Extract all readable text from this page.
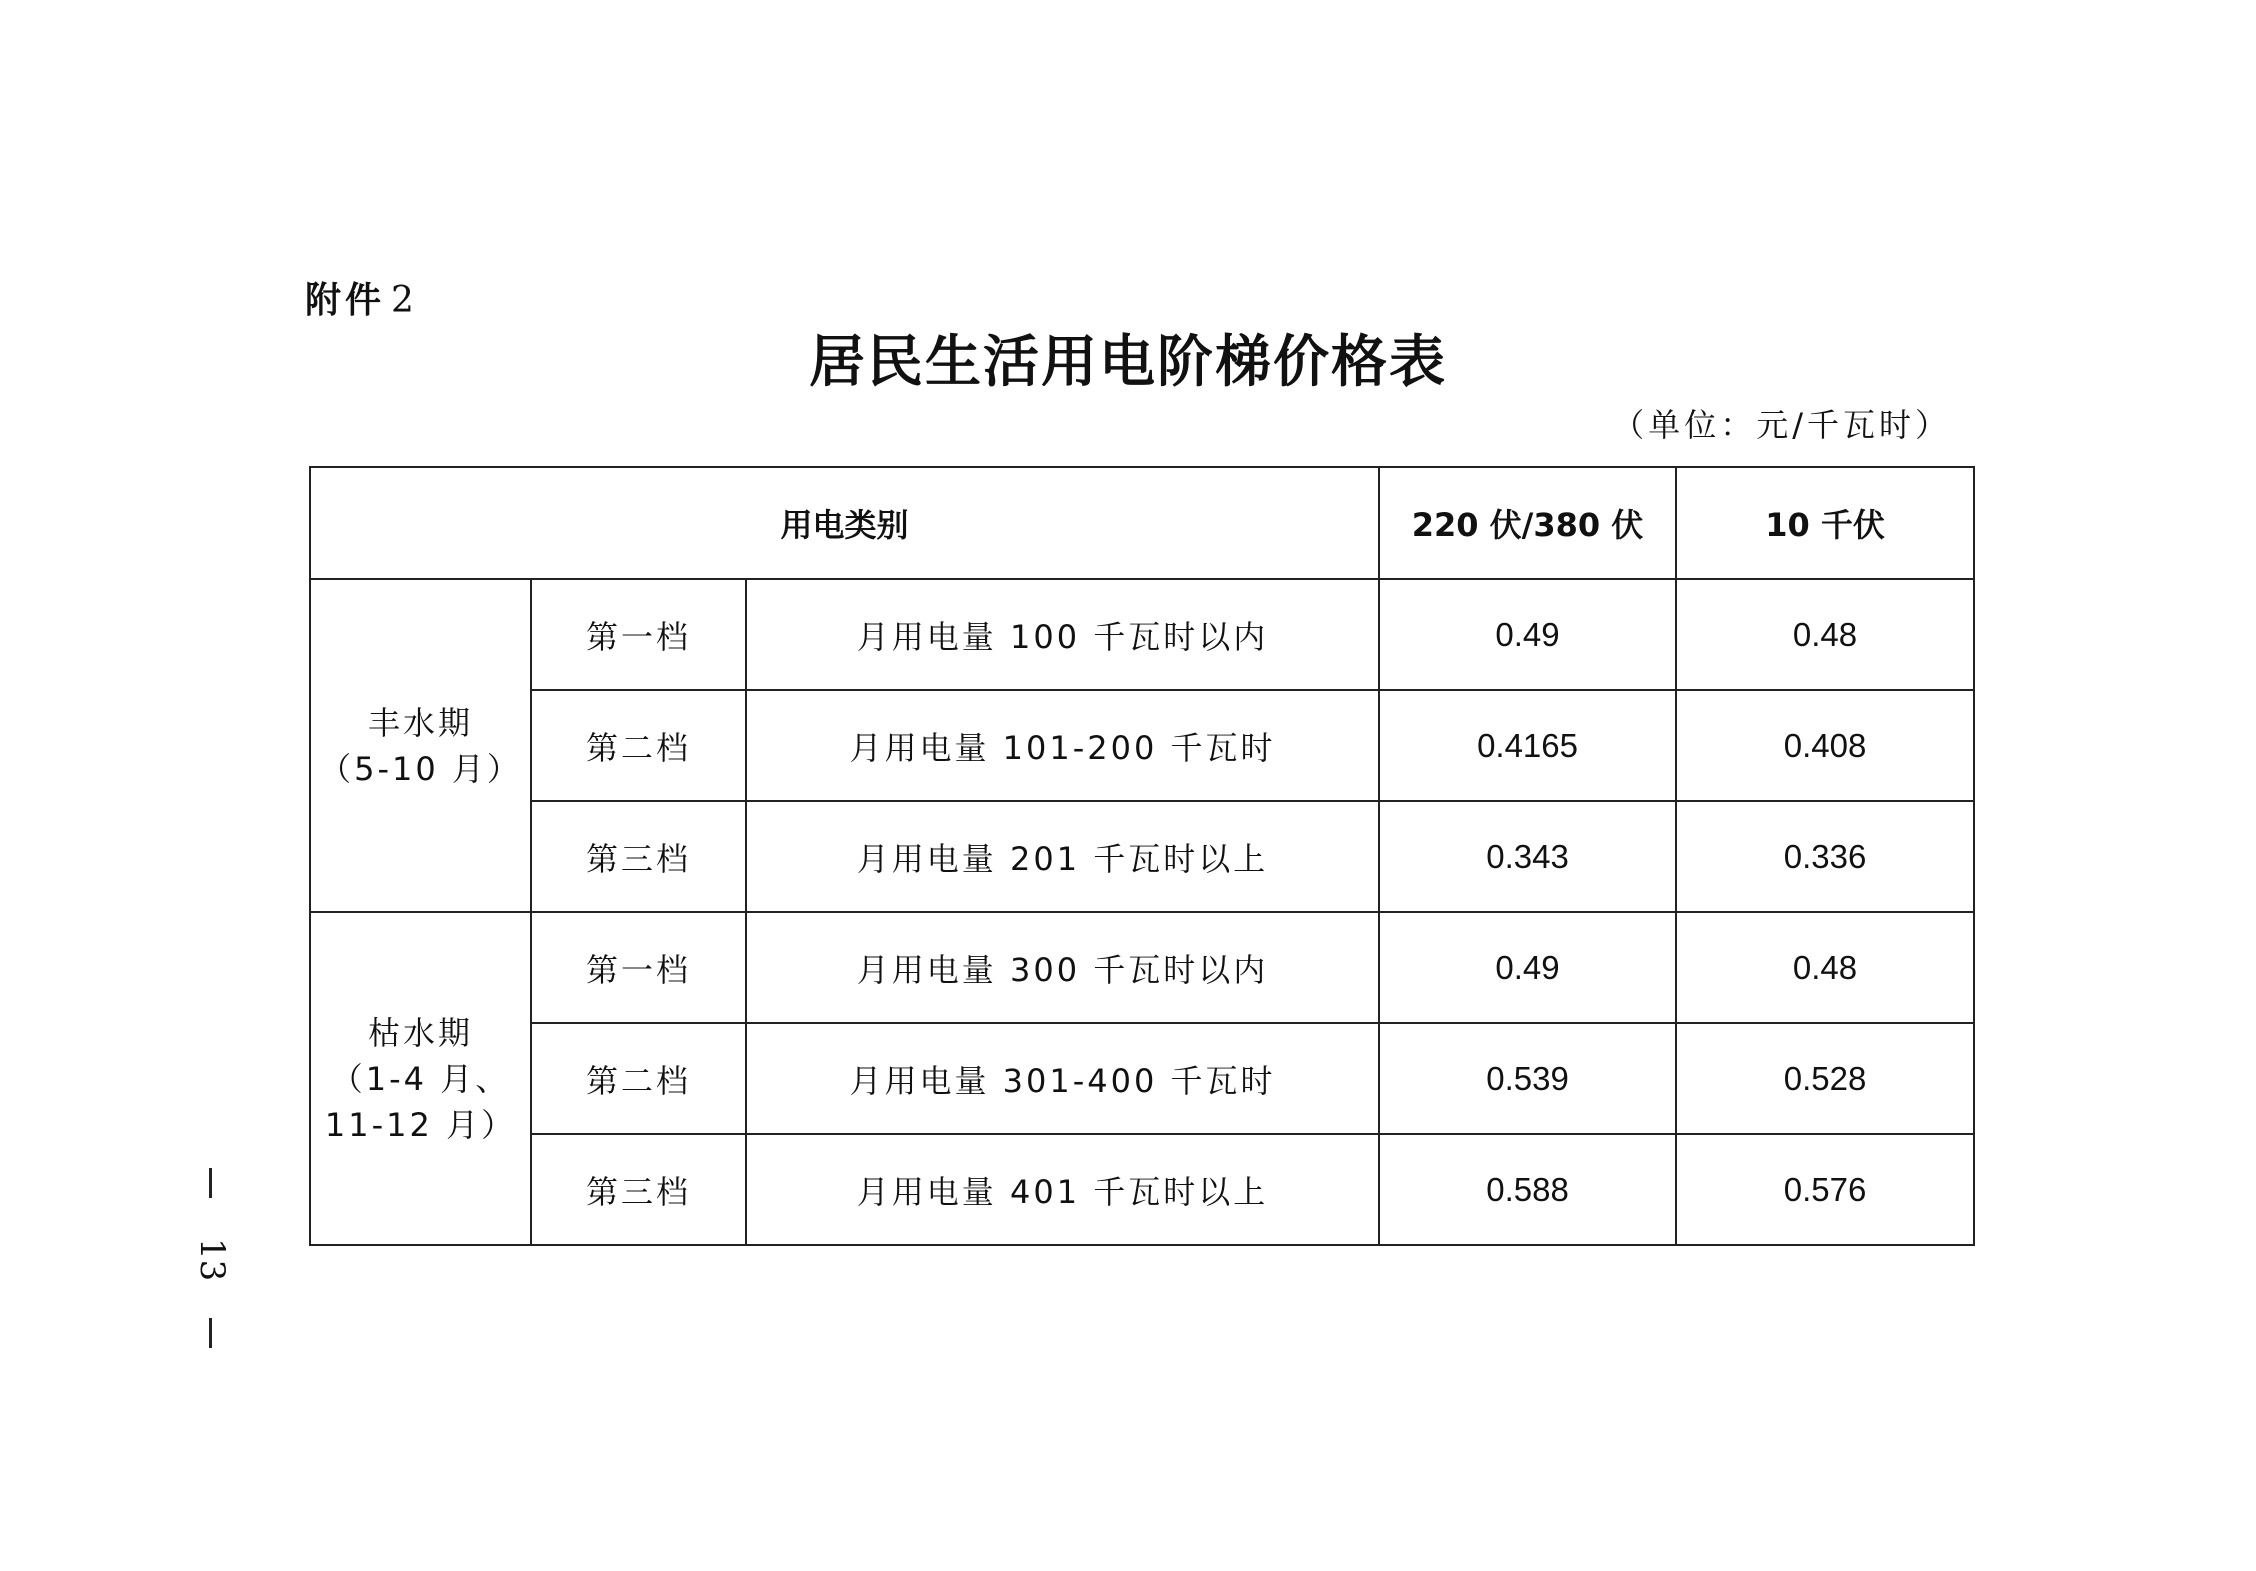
附件 2
居民生活用电阶梯价格表
（单位：元/千瓦时）
用电类别			220 伏/380 伏	10 千伏

丰水期
（5-10 月）	第一档	月用电量 100 千瓦时以内	0.49	0.48
	第二档	月用电量 101-200 千瓦时	0.4165	0.408
	第三档	月用电量 201 千瓦时以上	0.343	0.336

枯水期
（1-4 月、
11-12 月）	第一档	月用电量 300 千瓦时以内	0.49	0.48
	第二档	月用电量 301-400 千瓦时	0.539	0.528
	第三档	月用电量 401 千瓦时以上	0.588	0.576
13
